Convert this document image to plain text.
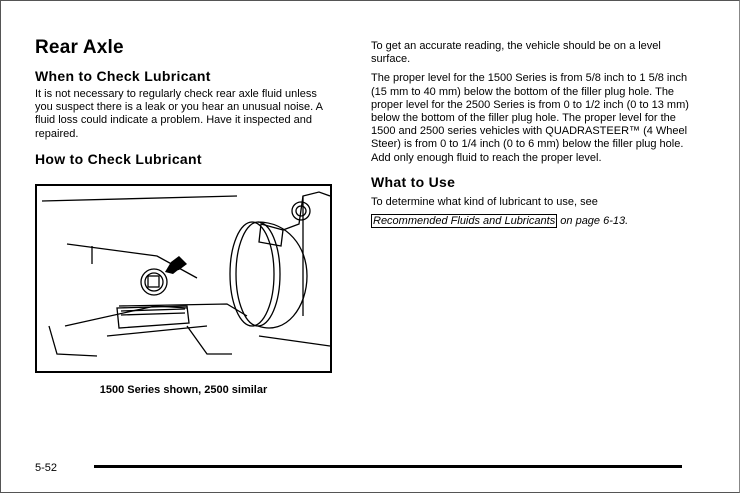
Rear Axle
When to Check Lubricant

It is not necessary to regularly check rear axle fluid unless you suspect there is a leak or you hear an unusual noise. A fluid loss could indicate a problem. Have it inspected and repaired.

How to Check Lubricant
1500 Series shown, 2500 similar

To get an accurate reading, the vehicle should be on a level surface.

The proper level for the 1500 Series is from 5/8 inch to 1 5/8 inch (15 mm to 40 mm) below the bottom of the filler plug hole. The proper level for the 2500 Series is from 0 to 1/2 inch (0 to 13 mm) below the bottom of the filler plug hole. The proper level for the 1500 and 2500 series vehicles with QUADRASTEER™ (4 Wheel Steer) is from 0 to 1/4 inch (0 to 6 mm) below the filler plug hole. Add only enough fluid to reach the proper level.

What to Use

To determine what kind of lubricant to use, see

Recommended Fluids and Lubricants on page 6-13.

5-52
